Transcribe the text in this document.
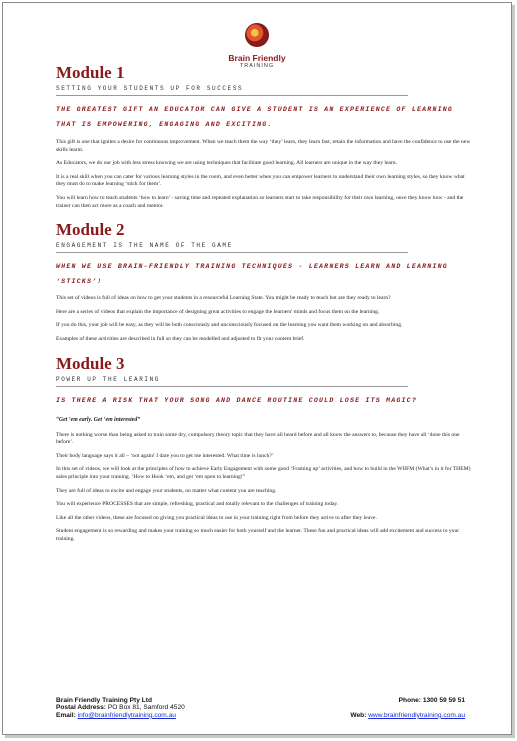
Brain Friendly
TRAINING
Module 1
SETTING YOUR STUDENTS UP FOR SUCCESS
THE GREATEST GIFT AN EDUCATOR CAN GIVE A STUDENT IS AN EXPERIENCE OF LEARNING THAT IS EMPOWERING, ENGAGING AND EXCITING.

This gift is one that ignites a desire for continuous improvement. When we teach them the way ‘they’ learn, they learn fast, retain the information and have the confidence to use the new skills learnt.

As Educators, we do our job with less stress knowing we are using techniques that facilitate good learning. All learners are unique in the way they learn.

It is a real skill when you can cater for various learning styles in the room, and even better when you can empower learners to understand their own learning styles, so they know what they must do to make learning ‘stick for them’.

You will learn how to teach students ‘how to learn’ - saving time and repeated explanation so learners start to take responsibility for their own learning, once they know how - and the trainer can then act more as a coach and mentor.

Module 2
ENGAGEMENT IS THE NAME OF THE GAME
WHEN WE USE BRAIN-FRIENDLY TRAINING TECHNIQUES - LEARNERS LEARN AND LEARNING ‘STICKS’!

This set of videos is full of ideas on how to get your students in a resourceful Learning State. You might be ready to teach but are they ready to learn?

Here are a series of videos that explain the importance of designing great activities to engage the learners' minds and focus them on the learning.

If you do this, your job will be easy, as they will be both consciously and unconsciously focused on the learning you want them working on and absorbing.

Examples of these activities are described in full so they can be modelled and adjusted to fit your content brief.

Module 3
POWER UP THE LEARING
IS THERE A RISK THAT YOUR SONG AND DANCE ROUTINE COULD LOSE ITS MAGIC?
“Get ‘em early. Get ‘em interested”

There is nothing worse than being asked to train some dry, compulsory theory topic that they have all heard before and all know the answers to, because they have all ‘done this one before’.

Their body language says it all – ‘not again! I dare you to get me interested. What time is lunch?’

In this set of videos, we will look at the principles of how to achieve Early Engagement with some good ‘Framing up’ activities, and how to build in the WIIFM (What’s in it for THEM) sales principle into your training. ‘How to Hook ‘em, and get ‘em open to learning!”

They are full of ideas to excite and engage your students, no matter what content you are teaching.

You will experience PROCESSES that are simple, refreshing, practical and totally relevant to the challenges of training today.

Like all the other videos, these are focused on giving you practical ideas to use in your training right from before they arrive to after they leave.

Student engagement is so rewarding and makes your training so much easier for both yourself and the learner. These fun and practical ideas will add excitement and success to your training.

Brain Friendly Training Pty Ltd	Phone: 1300 59 59 51
Postal Address: PO Box 81, Samford 4520
Email: info@brainfriendlytraining.com.au	Web: www.brainfriendlytraining.com.au
